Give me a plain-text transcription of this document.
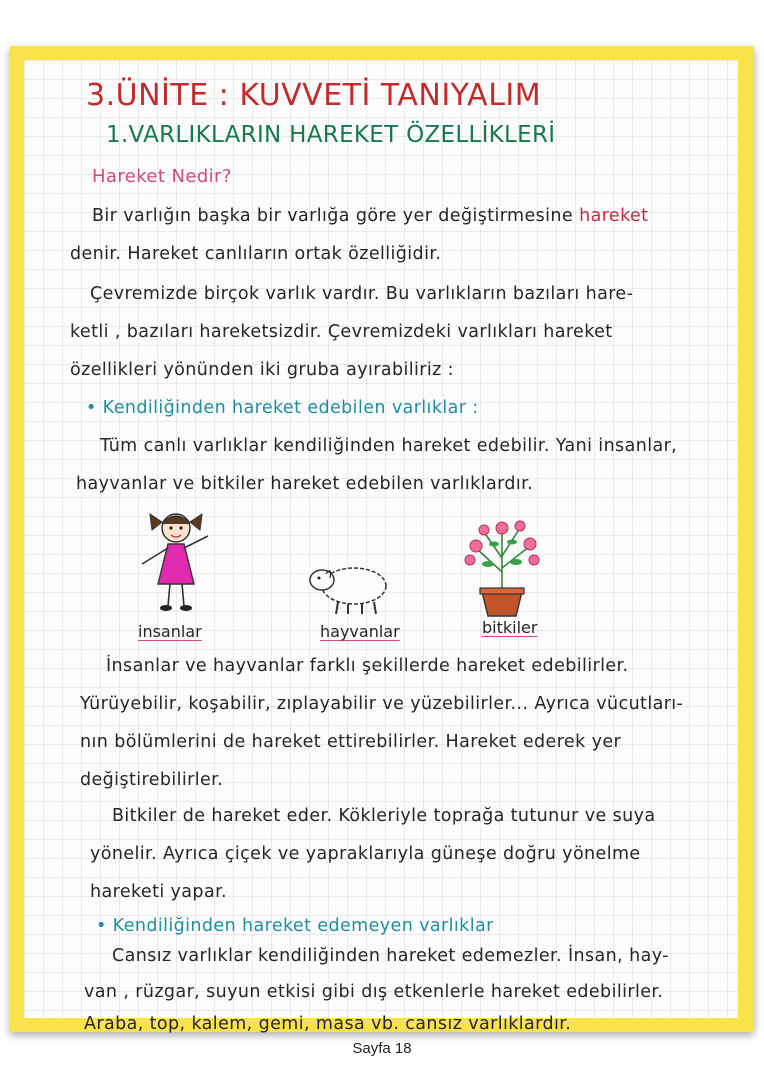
3.ÜNİTE : KUVVETİ TANIYALIM
1.VARLIKLARIN HAREKET ÖZELLİKLERİ
Hareket Nedir?
Bir varlığın başka bir varlığa göre yer değiştirmesine hareket
denir. Hareket canlıların ortak özelliğidir.
Çevremizde birçok varlık vardır. Bu varlıkların bazıları hare-
ketli , bazıları hareketsizdir. Çevremizdeki varlıkları hareket
özellikleri yönünden iki gruba ayırabiliriz :
• Kendiliğinden hareket edebilen varlıklar :
Tüm canlı varlıklar kendiliğinden hareket edebilir. Yani insanlar,
hayvanlar ve bitkiler hareket edebilen varlıklardır.
insanlar	hayvanlar	bitkiler
İnsanlar ve hayvanlar farklı şekillerde hareket edebilirler.
Yürüyebilir, koşabilir, zıplayabilir ve yüzebilirler... Ayrıca vücutları-
nın bölümlerini de hareket ettirebilirler. Hareket ederek yer
değiştirebilirler.
Bitkiler de hareket eder. Kökleriyle toprağa tutunur ve suya
yönelir. Ayrıca çiçek ve yapraklarıyla güneşe doğru yönelme
hareketi yapar.
• Kendiliğinden hareket edemeyen varlıklar
Cansız varlıklar kendiliğinden hareket edemezler. İnsan, hay-
van , rüzgar, suyun etkisi gibi dış etkenlerle hareket edebilirler.
Araba, top, kalem, gemi, masa vb. cansız varlıklardır.
Sayfa 18
